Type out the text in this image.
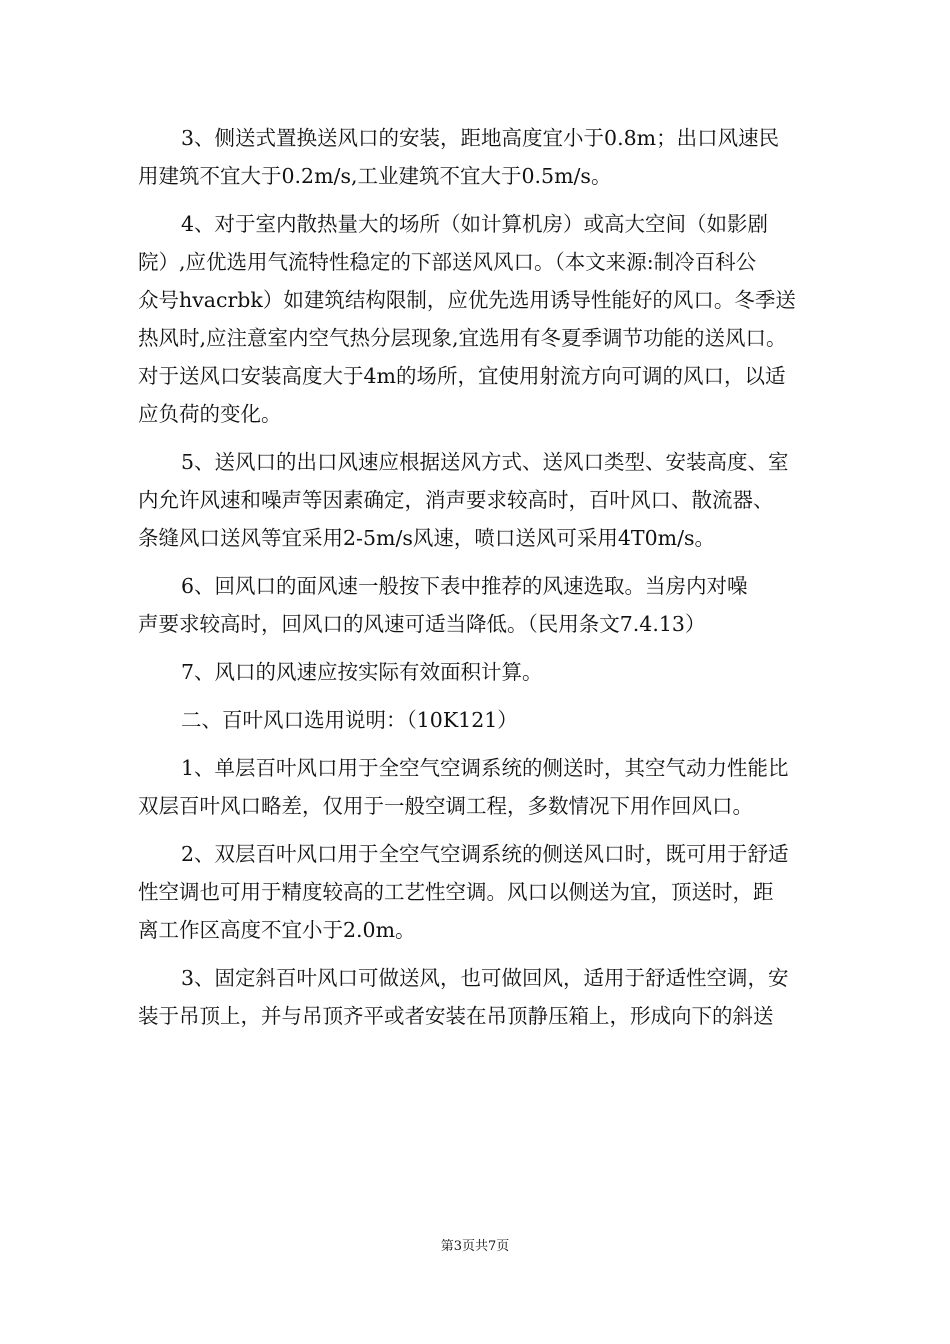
3、侧送式置换送风口的安装，距地高度宜小于0.8m；出口风速民
用建筑不宜大于0.2m/s,工业建筑不宜大于0.5m/s。

4、对于室内散热量大的场所（如计算机房）或高大空间（如影剧
院）,应优选用气流特性稳定的下部送风风口。（本文来源:制冷百科公
众号hvacrbk）如建筑结构限制，应优先选用诱导性能好的风口。冬季送
热风时,应注意室内空气热分层现象,宜选用有冬夏季调节功能的送风口。
对于送风口安装高度大于4m的场所，宜使用射流方向可调的风口，以适
应负荷的变化。

5、送风口的出口风速应根据送风方式、送风口类型、安装高度、室
内允许风速和噪声等因素确定，消声要求较高时，百叶风口、散流器、
条缝风口送风等宜采用2-5m/s风速，喷口送风可采用4T0m/s。

6、回风口的面风速一般按下表中推荐的风速选取。当房内对噪
声要求较高时，回风口的风速可适当降低。（民用条文7.4.13）

7、风口的风速应按实际有效面积计算。

二、百叶风口选用说明：（10K121）

1、单层百叶风口用于全空气空调系统的侧送时，其空气动力性能比
双层百叶风口略差，仅用于一般空调工程，多数情况下用作回风口。

2、双层百叶风口用于全空气空调系统的侧送风口时，既可用于舒适
性空调也可用于精度较高的工艺性空调。风口以侧送为宜，顶送时，距
离工作区高度不宜小于2.0m。

3、固定斜百叶风口可做送风，也可做回风，适用于舒适性空调，安
装于吊顶上，并与吊顶齐平或者安装在吊顶静压箱上，形成向下的斜送

第3页共7页
